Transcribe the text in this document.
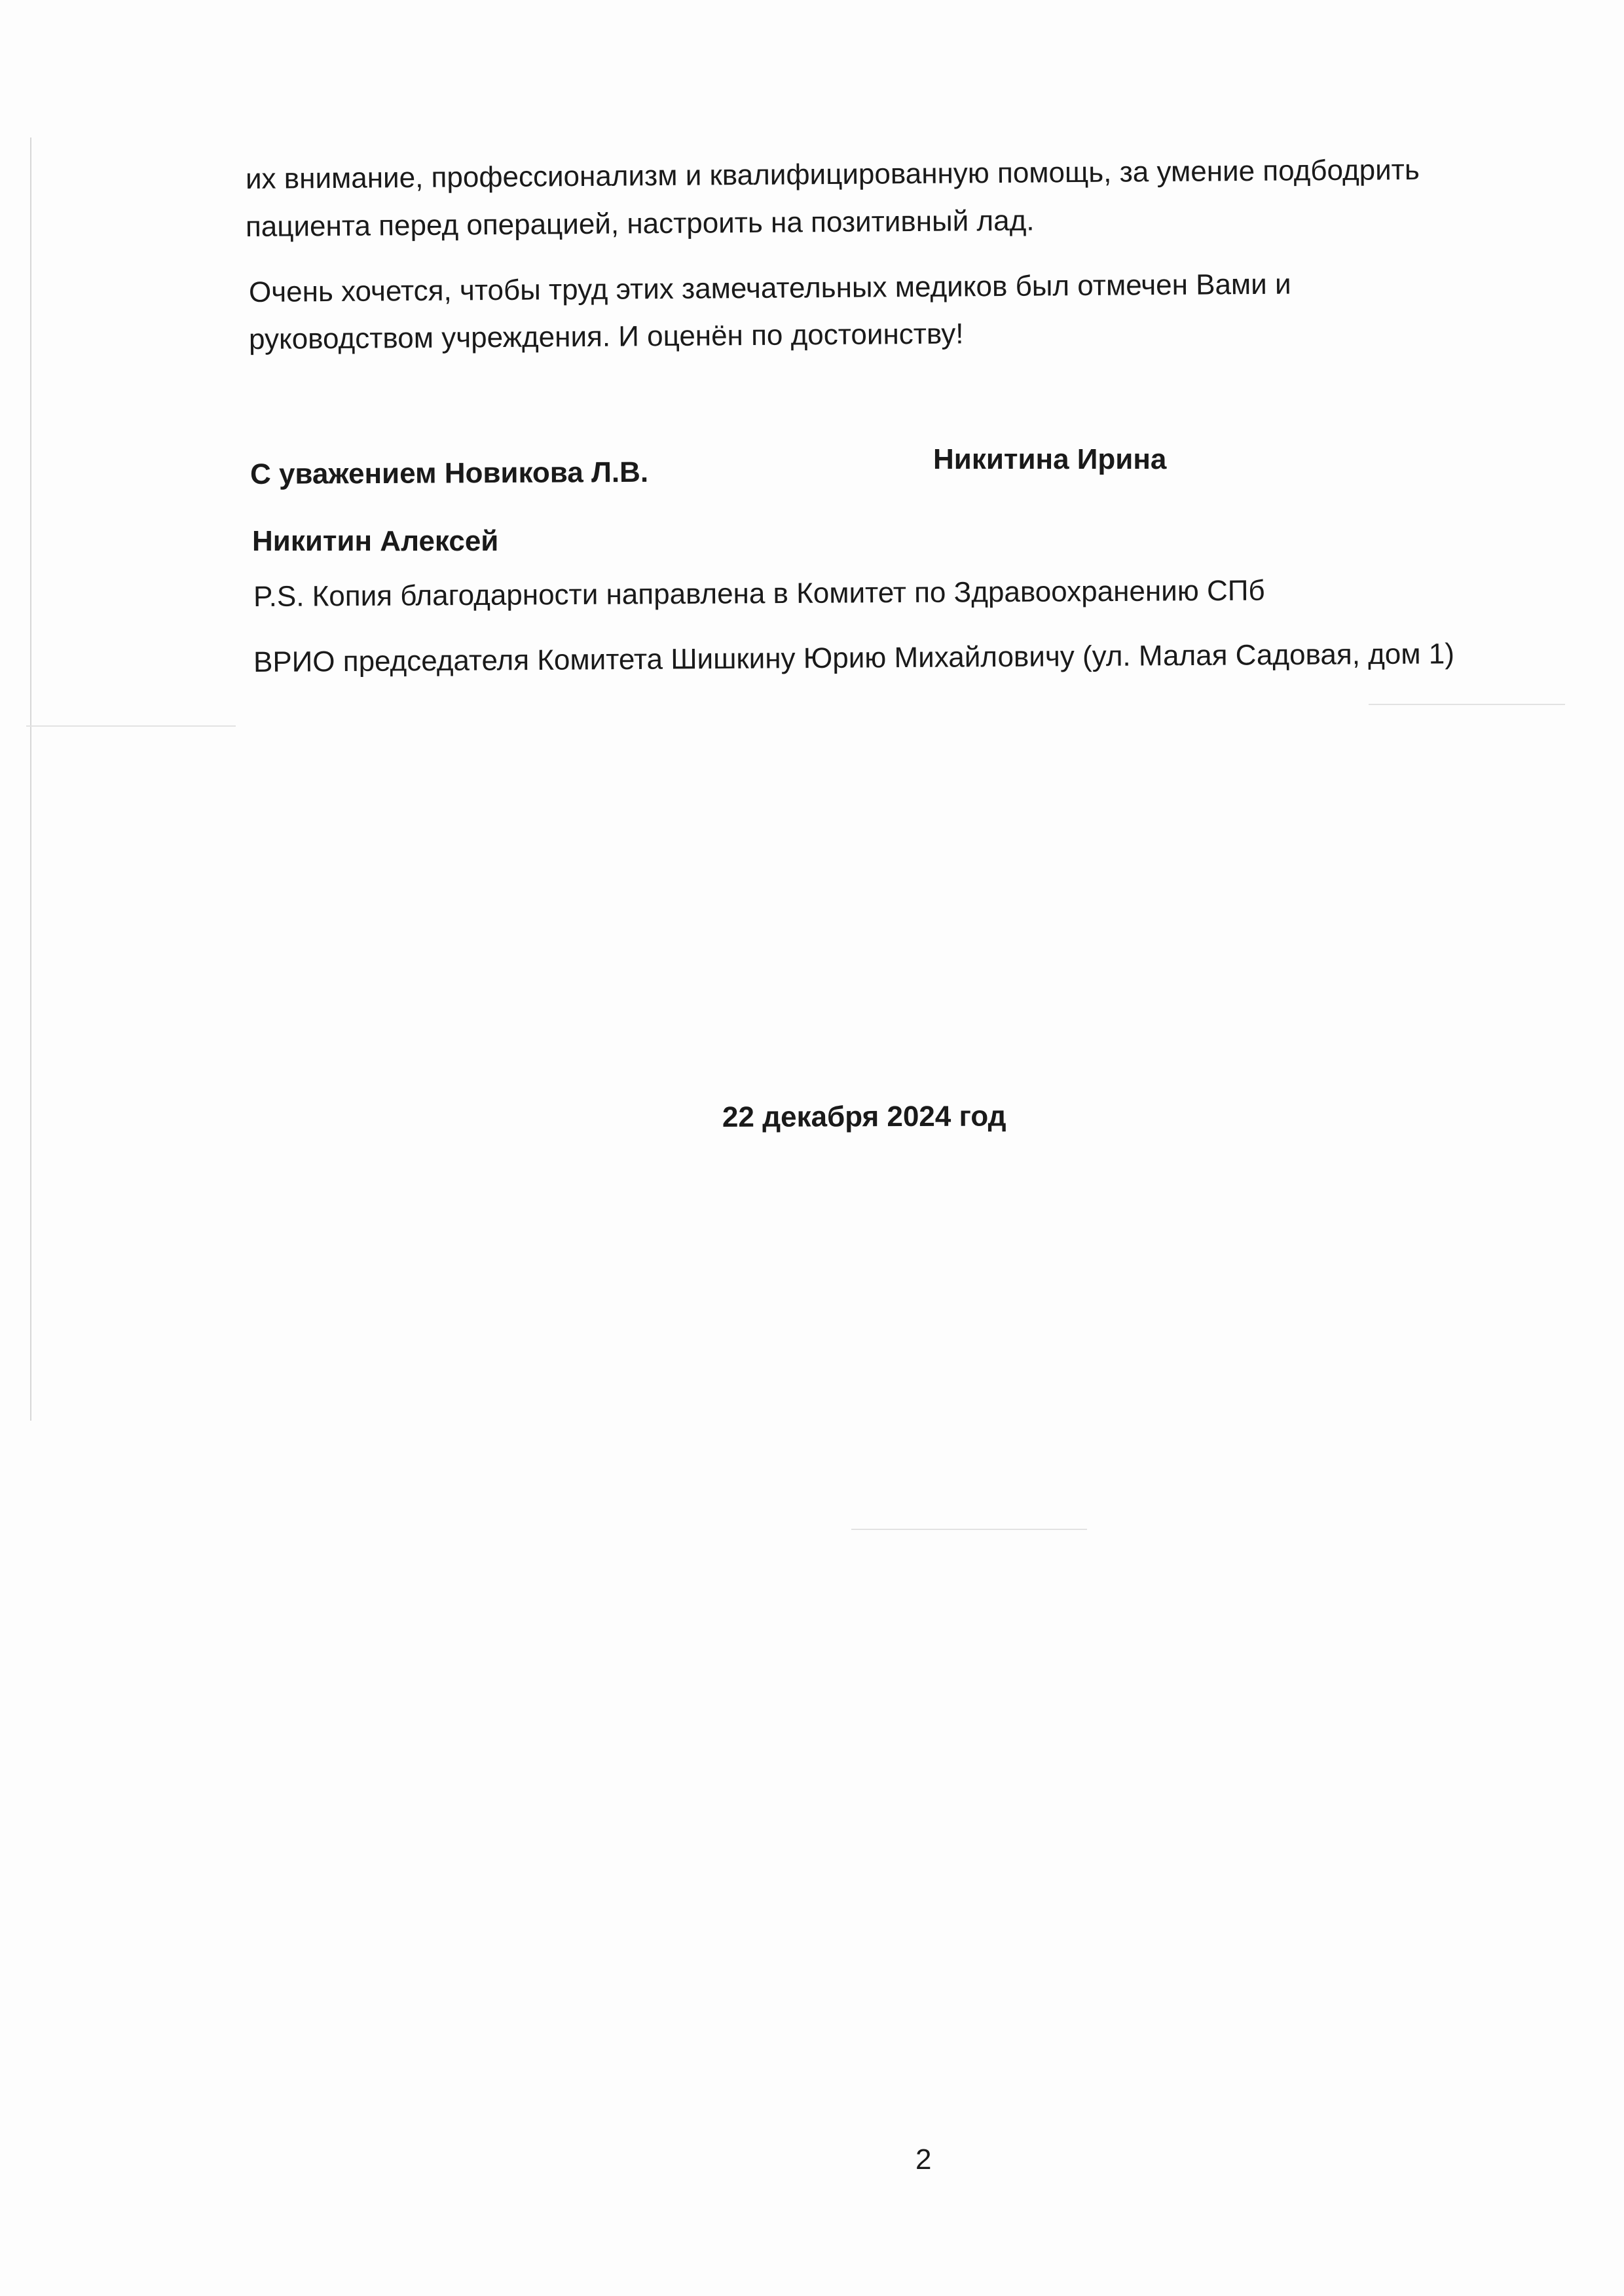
их внимание, профессионализм и квалифицированную помощь, за умение подбодрить
пациента перед операцией, настроить на позитивный лад.
Очень хочется, чтобы труд этих замечательных медиков был отмечен Вами и
руководством учреждения. И оценён по достоинству!
С уважением Новикова Л.В.	Никитина Ирина
Никитин Алексей
P.S. Копия благодарности направлена в Комитет по Здравоохранению СПб
ВРИО председателя Комитета Шишкину Юрию Михайловичу (ул. Малая Садовая, дом 1)
22 декабря 2024 год
2
